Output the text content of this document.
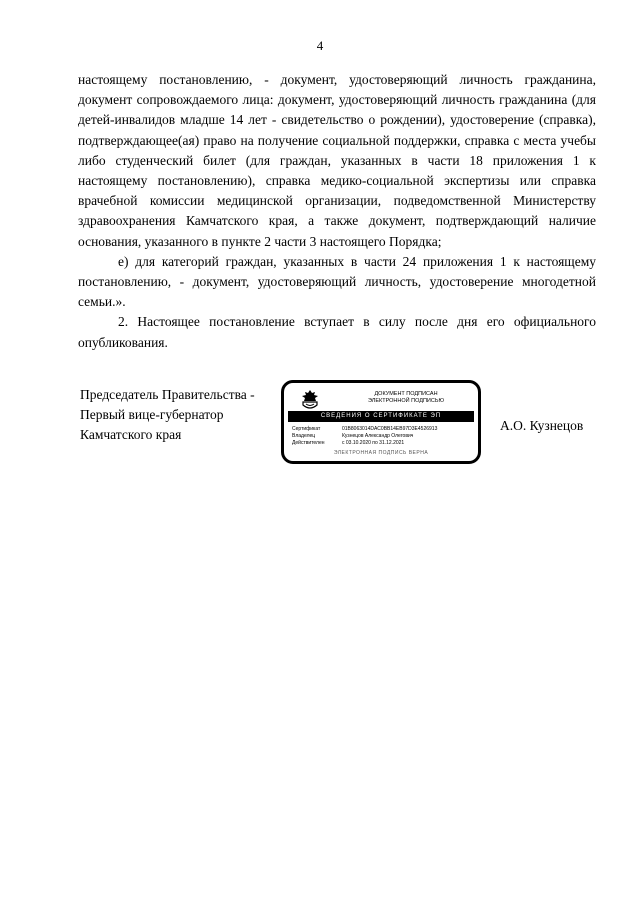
4

настоящему постановлению, - документ, удостоверяющий личность гражданина, документ сопровождаемого лица: документ, удостоверяющий личность гражданина (для детей-инвалидов младше 14 лет - свидетельство о рождении), удостоверение (справка), подтверждающее(ая) право на получение социальной поддержки, справка с места учебы либо студенческий билет (для граждан, указанных в части 18 приложения 1 к настоящему постановлению), справка медико-социальной экспертизы или справка врачебной комиссии медицинской организации, подведомственной Министерству здравоохранения Камчатского края, а также документ, подтверждающий наличие основания, указанного в пункте 2 части 3 настоящего Порядка;

е) для категорий граждан, указанных в части 24 приложения 1 к настоящему постановлению, - документ, удостоверяющий личность, удостоверение многодетной семьи.».

2. Настоящее постановление вступает в силу после дня его официального опубликования.

Председатель Правительства -
Первый вице-губернатор
Камчатского края
ДОКУМЕНТ ПОДПИСАН
ЭЛЕКТРОННОЙ ПОДПИСЬЮ
СВЕДЕНИЯ О СЕРТИФИКАТЕ ЭП
Сертификат	01B8063014DAC0BB14EB97D3E4526913
Владелец	Кузнецов Александр Олегович
Действителен	с 03.10.2020 по 31.12.2021
ЭЛЕКТРОННАЯ ПОДПИСЬ ВЕРНА
А.О. Кузнецов
